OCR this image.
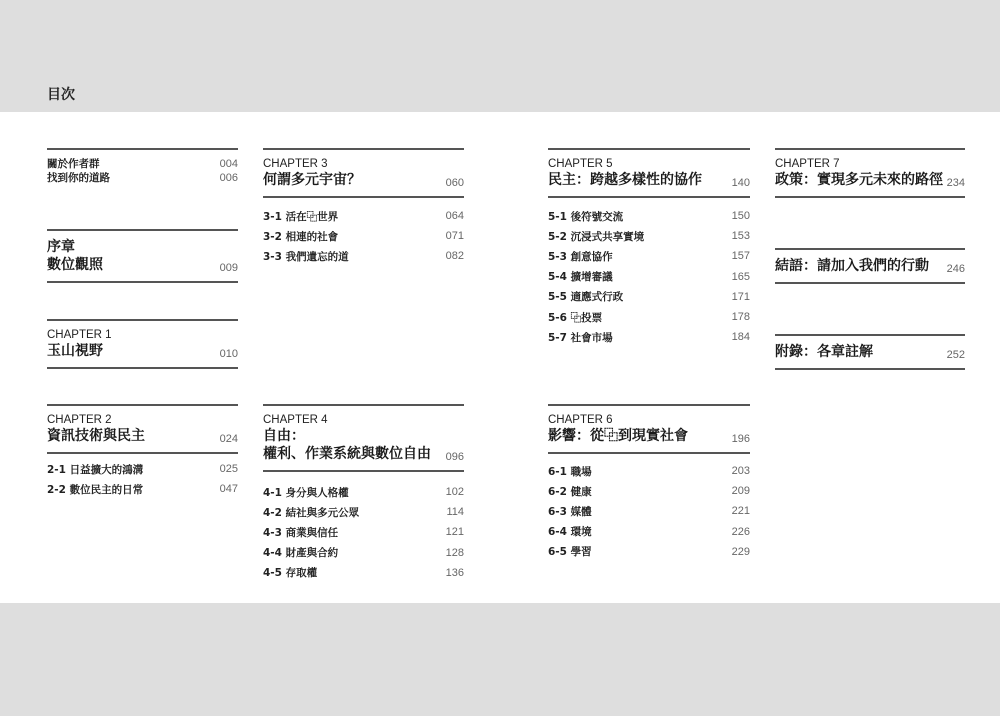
目次
關於作者群	004
找到你的道路	006
序章
數位觀照	009
CHAPTER 1
玉山視野	010
CHAPTER 2
資訊技術與民主	024
2-1 日益擴大的鴻溝	025
2-2 數位民主的日常	047
CHAPTER 3
何謂多元宇宙？	060
3-1 活在⿻世界	064
3-2 相連的社會	071
3-3 我們遺忘的道	082
CHAPTER 4
自由：
權利、作業系統與數位自由 096
4-1 身分與人格權	102
4-2 結社與多元公眾	114
4-3 商業與信任	121
4-4 財產與合約	128
4-5 存取權	136
CHAPTER 5
民主：跨越多樣性的協作	140
5-1 後符號交流	150
5-2 沉浸式共享實境	153
5-3 創意協作	157
5-4 擴增審議	165
5-5 適應式行政	171
5-6 ⿻投票	178
5-7 社會市場	184
CHAPTER 6
影響：從⿻到現實社會	196
6-1 職場	203
6-2 健康	209
6-3 媒體	221
6-4 環境	226
6-5 學習	229
CHAPTER 7
政策：實現多元未來的路徑 234
結語：請加入我們的行動 246
附錄：各章註解	252
